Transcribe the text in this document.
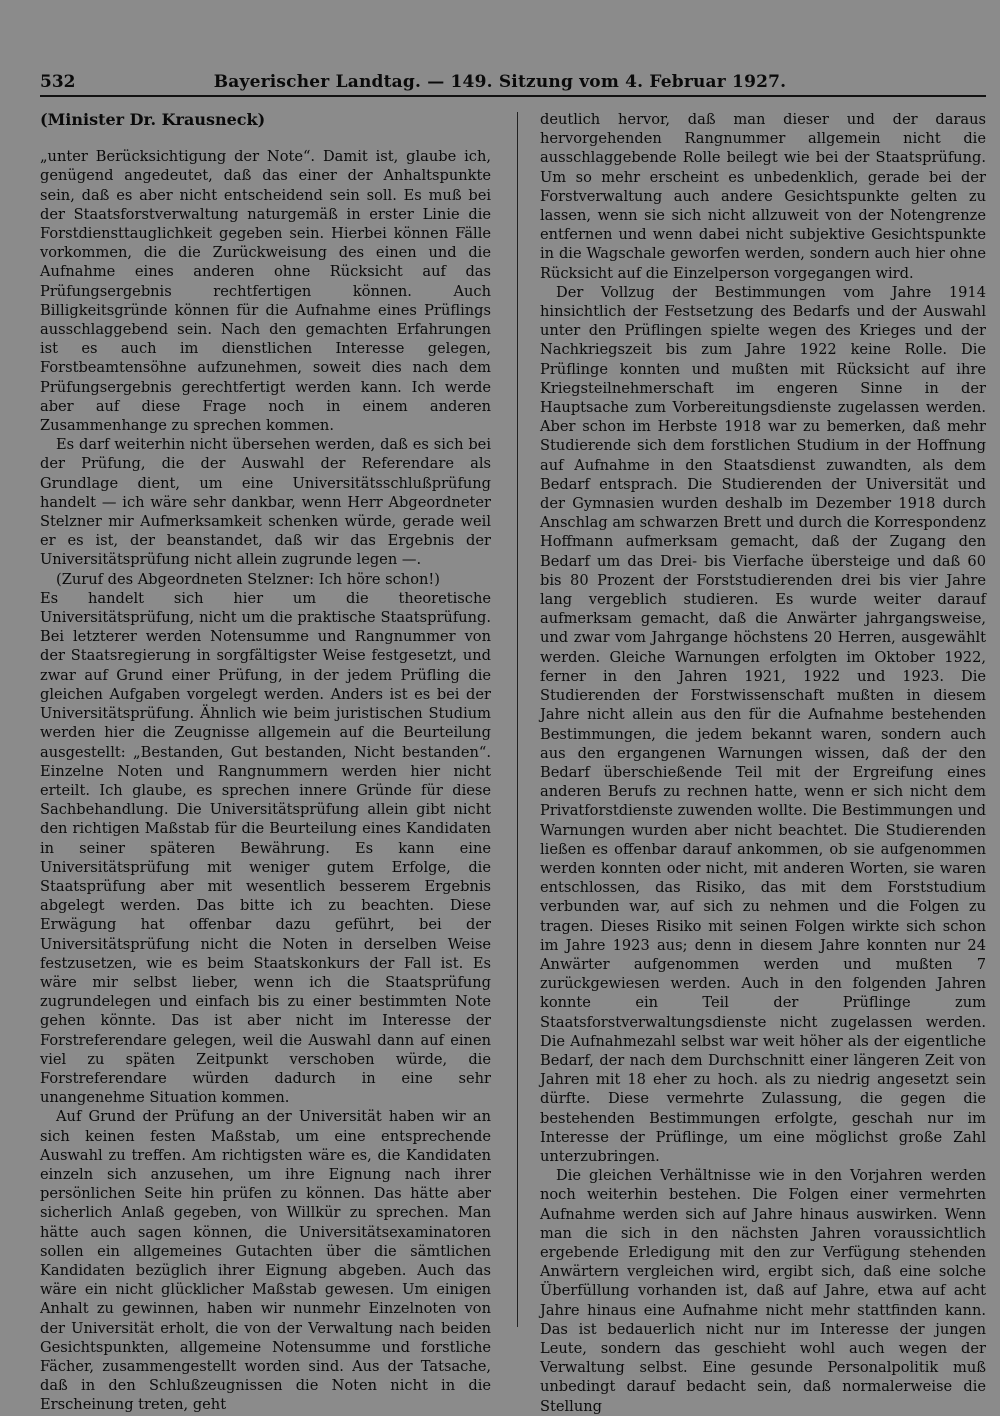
532	Bayerischer Landtag. — 149. Sitzung vom 4. Februar 1927.

(Minister Dr. Krausneck)

„unter Berücksichtigung der Note“. Damit ist, glaube ich, genügend angedeutet, daß das einer der Anhaltspunkte sein, daß es aber nicht entscheidend sein soll. Es muß bei der Staatsforstverwaltung naturgemäß in erster Linie die Forstdiensttauglichkeit gegeben sein. Hierbei können Fälle vorkommen, die die Zurückweisung des einen und die Aufnahme eines anderen ohne Rücksicht auf das Prüfungsergebnis rechtfertigen können. Auch Billigkeitsgründe können für die Aufnahme eines Prüflings ausschlaggebend sein. Nach den gemachten Erfahrungen ist es auch im dienstlichen Interesse gelegen, Forstbeamtensöhne aufzunehmen, soweit dies nach dem Prüfungsergebnis gerechtfertigt werden kann. Ich werde aber auf diese Frage noch in einem anderen Zusammenhange zu sprechen kommen.

Es darf weiterhin nicht übersehen werden, daß es sich bei der Prüfung, die der Auswahl der Referendare als Grundlage dient, um eine Universitätsschlußprüfung handelt — ich wäre sehr dankbar, wenn Herr Abgeordneter Stelzner mir Aufmerksamkeit schenken würde, gerade weil er es ist, der beanstandet, daß wir das Ergebnis der Universitätsprüfung nicht allein zugrunde legen —.

(Zuruf des Abgeordneten Stelzner: Ich höre schon!)

Es handelt sich hier um die theoretische Universitätsprüfung, nicht um die praktische Staatsprüfung. Bei letzterer werden Notensumme und Rangnummer von der Staatsregierung in sorgfältigster Weise festgesetzt, und zwar auf Grund einer Prüfung, in der jedem Prüfling die gleichen Aufgaben vorgelegt werden. Anders ist es bei der Universitätsprüfung. Ähnlich wie beim juristischen Studium werden hier die Zeugnisse allgemein auf die Beurteilung ausgestellt: „Bestanden, Gut bestanden, Nicht bestanden“. Einzelne Noten und Rangnummern werden hier nicht erteilt. Ich glaube, es sprechen innere Gründe für diese Sachbehandlung. Die Universitätsprüfung allein gibt nicht den richtigen Maßstab für die Beurteilung eines Kandidaten in seiner späteren Bewährung. Es kann eine Universitätsprüfung mit weniger gutem Erfolge, die Staatsprüfung aber mit wesentlich besserem Ergebnis abgelegt werden. Das bitte ich zu beachten. Diese Erwägung hat offenbar dazu geführt, bei der Universitätsprüfung nicht die Noten in derselben Weise festzusetzen, wie es beim Staatskonkurs der Fall ist. Es wäre mir selbst lieber, wenn ich die Staatsprüfung zugrundelegen und einfach bis zu einer bestimmten Note gehen könnte. Das ist aber nicht im Interesse der Forstreferendare gelegen, weil die Auswahl dann auf einen viel zu späten Zeitpunkt verschoben würde, die Forstreferendare würden dadurch in eine sehr unangenehme Situation kommen.

Auf Grund der Prüfung an der Universität haben wir an sich keinen festen Maßstab, um eine entsprechende Auswahl zu treffen. Am richtigsten wäre es, die Kandidaten einzeln sich anzusehen, um ihre Eignung nach ihrer persönlichen Seite hin prüfen zu können. Das hätte aber sicherlich Anlaß gegeben, von Willkür zu sprechen. Man hätte auch sagen können, die Universitätsexaminatoren sollen ein allgemeines Gutachten über die sämtlichen Kandidaten bezüglich ihrer Eignung abgeben. Auch das wäre ein nicht glücklicher Maßstab gewesen. Um einigen Anhalt zu gewinnen, haben wir nunmehr Einzelnoten von der Universität erholt, die von der Verwaltung nach beiden Gesichtspunkten, allgemeine Notensumme und forstliche Fächer, zusammengestellt worden sind. Aus der Tatsache, daß in den Schlußzeugnissen die Noten nicht in die Erscheinung treten, geht

deutlich hervor, daß man dieser und der daraus hervorgehenden Rangnummer allgemein nicht die ausschlaggebende Rolle beilegt wie bei der Staatsprüfung. Um so mehr erscheint es unbedenklich, gerade bei der Forstverwaltung auch andere Gesichtspunkte gelten zu lassen, wenn sie sich nicht allzuweit von der Notengrenze entfernen und wenn dabei nicht subjektive Gesichtspunkte in die Wagschale geworfen werden, sondern auch hier ohne Rücksicht auf die Einzelperson vorgegangen wird.

Der Vollzug der Bestimmungen vom Jahre 1914 hinsichtlich der Festsetzung des Bedarfs und der Auswahl unter den Prüflingen spielte wegen des Krieges und der Nachkriegszeit bis zum Jahre 1922 keine Rolle. Die Prüflinge konnten und mußten mit Rücksicht auf ihre Kriegsteilnehmerschaft im engeren Sinne in der Hauptsache zum Vorbereitungsdienste zugelassen werden. Aber schon im Herbste 1918 war zu bemerken, daß mehr Studierende sich dem forstlichen Studium in der Hoffnung auf Aufnahme in den Staatsdienst zuwandten, als dem Bedarf entsprach. Die Studierenden der Universität und der Gymnasien wurden deshalb im Dezember 1918 durch Anschlag am schwarzen Brett und durch die Korrespondenz Hoffmann aufmerksam gemacht, daß der Zugang den Bedarf um das Drei- bis Vierfache übersteige und daß 60 bis 80 Prozent der Forststudierenden drei bis vier Jahre lang vergeblich studieren. Es wurde weiter darauf aufmerksam gemacht, daß die Anwärter jahrgangsweise, und zwar vom Jahrgange höchstens 20 Herren, ausgewählt werden. Gleiche Warnungen erfolgten im Oktober 1922, ferner in den Jahren 1921, 1922 und 1923. Die Studierenden der Forstwissenschaft mußten in diesem Jahre nicht allein aus den für die Aufnahme bestehenden Bestimmungen, die jedem bekannt waren, sondern auch aus den ergangenen Warnungen wissen, daß der den Bedarf überschießende Teil mit der Ergreifung eines anderen Berufs zu rechnen hatte, wenn er sich nicht dem Privatforstdienste zuwenden wollte. Die Bestimmungen und Warnungen wurden aber nicht beachtet. Die Studierenden ließen es offenbar darauf ankommen, ob sie aufgenommen werden konnten oder nicht, mit anderen Worten, sie waren entschlossen, das Risiko, das mit dem Forststudium verbunden war, auf sich zu nehmen und die Folgen zu tragen. Dieses Risiko mit seinen Folgen wirkte sich schon im Jahre 1923 aus; denn in diesem Jahre konnten nur 24 Anwärter aufgenommen werden und mußten 7 zurückgewiesen werden. Auch in den folgenden Jahren konnte ein Teil der Prüflinge zum Staatsforstverwaltungsdienste nicht zugelassen werden. Die Aufnahmezahl selbst war weit höher als der eigentliche Bedarf, der nach dem Durchschnitt einer längeren Zeit von Jahren mit 18 eher zu hoch. als zu niedrig angesetzt sein dürfte. Diese vermehrte Zulassung, die gegen die bestehenden Bestimmungen erfolgte, geschah nur im Interesse der Prüflinge, um eine möglichst große Zahl unterzubringen.

Die gleichen Verhältnisse wie in den Vorjahren werden noch weiterhin bestehen. Die Folgen einer vermehrten Aufnahme werden sich auf Jahre hinaus auswirken. Wenn man die sich in den nächsten Jahren voraussichtlich ergebende Erledigung mit den zur Verfügung stehenden Anwärtern vergleichen wird, ergibt sich, daß eine solche Überfüllung vorhanden ist, daß auf Jahre, etwa auf acht Jahre hinaus eine Aufnahme nicht mehr stattfinden kann. Das ist bedauerlich nicht nur im Interesse der jungen Leute, sondern das geschieht wohl auch wegen der Verwaltung selbst. Eine gesunde Personalpolitik muß unbedingt darauf bedacht sein, daß normalerweise die Stellung
